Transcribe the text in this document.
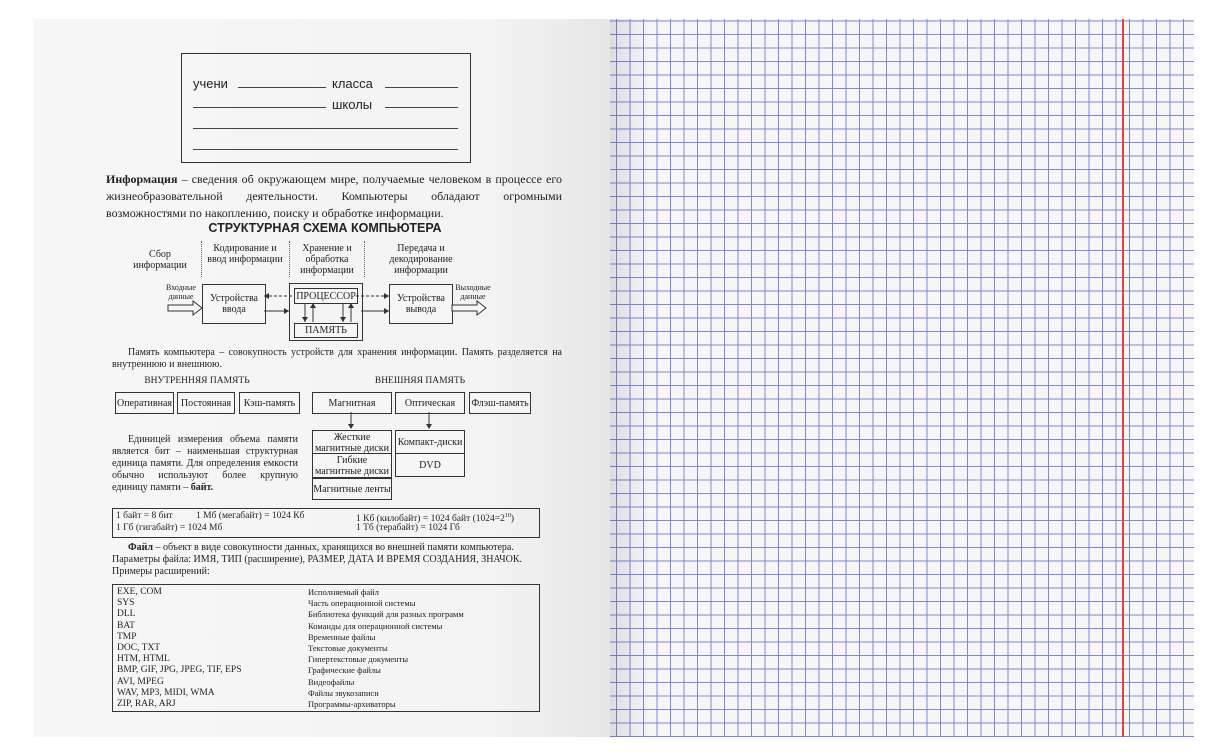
учени	класса
школы
Информация – сведения об окружающем мире, получаемые человеком в процессе его жизнеобразовательной деятельности. Компьютеры обладают огромными возможностями по накоплению, поиску и обработке информации.
СТРУКТУРНАЯ СХЕМА КОМПЬЮТЕРА
Сбор информации
Кодирование и ввод информации
Хранение и обработка информации
Передача и декодирование информации
Входные данные
Выходные данные
Устройства ввода
ПРОЦЕССОР
ПАМЯТЬ
Устройства вывода
Память компьютера – совокупность устройств для хранения информации. Память разделяется на внутреннюю и внешнюю.
ВНУТРЕННЯЯ ПАМЯТЬ
Оперативная Постоянная	Кэш-память
ВНЕШНЯЯ ПАМЯТЬ
Магнитная	Оптическая	Флэш-память
Жесткие магнитные диски
Гибкие магнитные диски
Магнитные ленты
Компакт-диски
DVD
Единицей измерения объема памяти является бит – наименьшая структурная единица памяти. Для определения емкости обычно используют более крупную единицу памяти – байт.
1 байт = 8 бит 1 Мб (мегабайт) = 1024 Кб	1 Кб (килобайт) = 1024 байт $(1024=2^{10})$
1 Гб (гигабайт) = 1024 Мб	1 Тб (терабайт) = 1024 Гб
Файл – объект в виде совокупности данных, хранящихся во внешней памяти компьютера.
Параметры файла: ИМЯ, ТИП (расширение), РАЗМЕР, ДАТА И ВРЕМЯ СОЗДАНИЯ, ЗНАЧОК.
Примеры расширений:
EXE, COM	Исполняемый файл
SYS	Часть операционной системы
DLL	Библиотека функций для разных программ
BAT	Команды для операционной системы
TMP	Временные файлы
DOC, TXT	Текстовые документы
HTM, HTML	Гипертекстовые документы
BMP, GIF, JPG, JPEG, TIF, EPS	Графические файлы
AVI, MPEG	Видеофайлы
WAV, MP3, MIDI, WMA	Файлы звукозаписи
ZIP, RAR, ARJ	Программы-архиваторы
